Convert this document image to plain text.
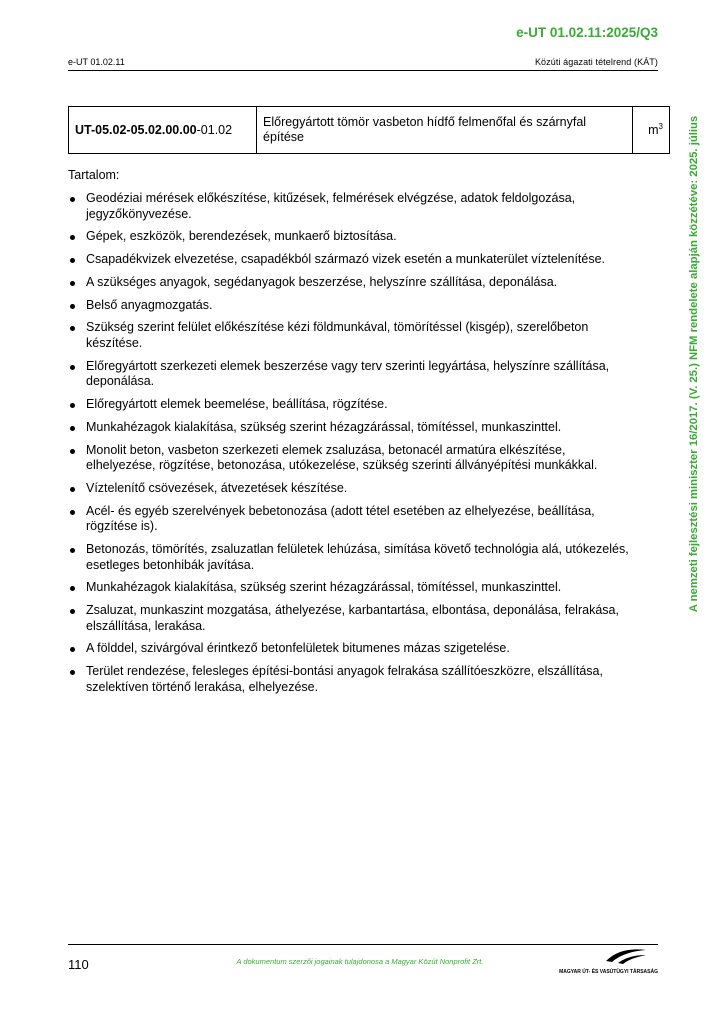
e-UT 01.02.11:2025/Q3
e-UT 01.02.11	Közúti ágazati tételrend (KÁT)
UT-05.02-05.02.00.00-01.02	Előregyártott tömör vasbeton hídfő felmenőfal és szárnyfal építése	$m^3$
Tartalom:
Geodéziai mérések előkészítése, kitűzések, felmérések elvégzése, adatok feldolgozása, jegyzőkönyvezése.
Gépek, eszközök, berendezések, munkaerő biztosítása.
Csapadékvizek elvezetése, csapadékból származó vizek esetén a munkaterület víztelenítése.
A szükséges anyagok, segédanyagok beszerzése, helyszínre szállítása, deponálása.
Belső anyagmozgatás.
Szükség szerint felület előkészítése kézi földmunkával, tömörítéssel (kisgép), szerelőbeton készítése.
Előregyártott szerkezeti elemek beszerzése vagy terv szerinti legyártása, helyszínre szállítása, deponálása.
Előregyártott elemek beemelése, beállítása, rögzítése.
Munkahézagok kialakítása, szükség szerint hézagzárással, tömítéssel, munkaszinttel.
Monolit beton, vasbeton szerkezeti elemek zsaluzása, betonacél armatúra elkészítése, elhelyezése, rögzítése, betonozása, utókezelése, szükség szerinti állványépítési munkákkal.
Víztelenítő csövezések, átvezetések készítése.
Acél- és egyéb szerelvények bebetonozása (adott tétel esetében az elhelyezése, beállítása, rögzítése is).
Betonozás, tömörítés, zsaluzatlan felületek lehúzása, simítása követő technológia alá, utókezelés, esetleges betonhibák javítása.
Munkahézagok kialakítása, szükség szerint hézagzárással, tömítéssel, munkaszinttel.
Zsaluzat, munkaszint mozgatása, áthelyezése, karbantartása, elbontása, deponálása, felrakása, elszállítása, lerakása.
A földdel, szivárgóval érintkező betonfelületek bitumenes mázas szigetelése.
Terület rendezése, felesleges építési-bontási anyagok felrakása szállítóeszközre, elszállítása, szelektíven történő lerakása, elhelyezése.
A nemzeti fejlesztési miniszter 16/2017. (V. 25.) NFM rendelete alapján közzétéve: 2025. július
110	A dokumentum szerzői jogainak tulajdonosa a Magyar Közút Nonprofit Zrt.
MAGYAR ÚT- ÉS VASÚTÜGYI TÁRSASÁG
